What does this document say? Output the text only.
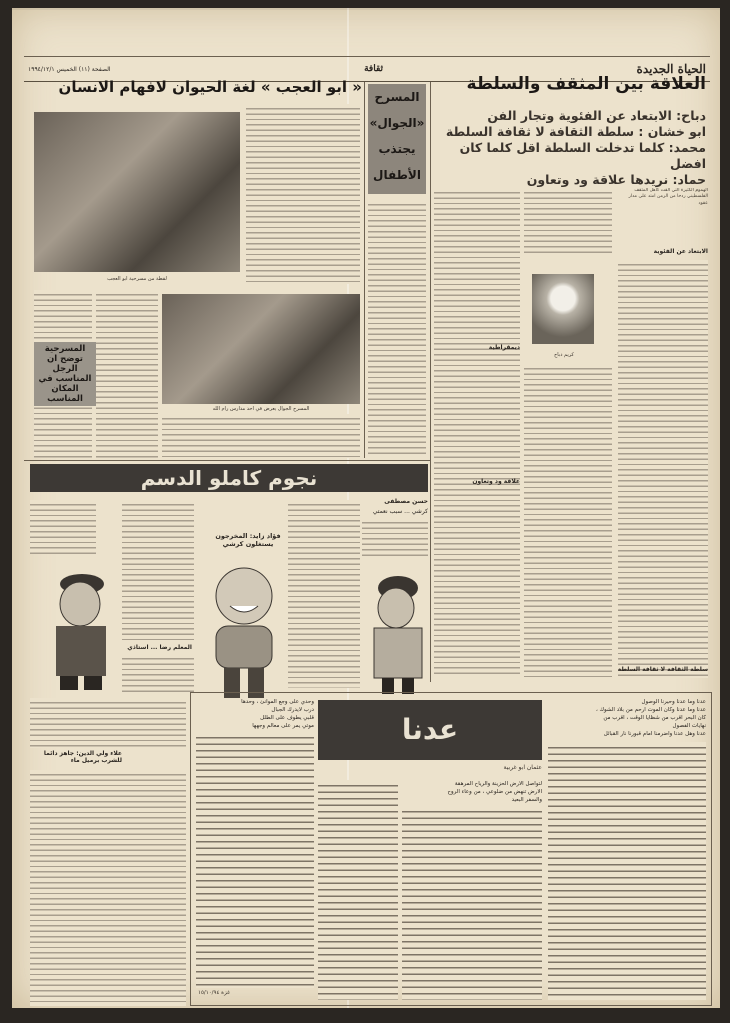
الحياة الجديدة
ثقافة
الصفحة (١١) الخميس ١٩٩٤/١٢/١
العلاقة بين المثقف والسلطة
دباح: الابتعاد عن الفئوية وتجار الفن
ابو خشان : سلطة الثقافة لا ثقافة السلطة
محمد: كلما تدخلت السلطة اقل كلما كان افضل
حماد: نريدها علاقة ود وتعاون
الهموم الكثيرة التي القت كاهل المثقف الفلسطيني ردحا من الزمن امتد على مدار عقود
كريم دباح
الابتعاد عن الفئوية
سلطة الثقافة لا ثقافة السلطة
ديمقراطية
علاقة ود وتعاون
المسرح
«الجوال»
يجتذب
الأطفال
« ابو العجب » لغة الحيوان لافهام الانسان
لقطة من مسرحية ابو العجب
المسرح الجوال يعرض في احد مدارس رام الله
المسرحية توضح ان الرجل المناسب في المكان المناسب
نجوم كاملو الدسم
حسن مصطفى
كرشي ... سبب نعمتي
فؤاد زايد: المخرجون يستغلون كرشي
المعلم رضا ... استاذي
علاء ولي الدين: جاهز دائما للشرب برميل ماء
عدنا
عثمان ابو غربية
عدنا وما عدنا وحيرنا الوصول
عدنا وما عدنا وكان الموت ارحم من بلاد الشوك ،
كان البحر اقرب من شظايا الوقت ، اقرب من
نهايات الفصول
عدنا وهل عدنا واضرمنا امام قبورنا نار القبائل
لتواصل الارض الحزينة والرياح المرهقة
الارض تنهض من ضلوعي ، من وعاء الروح
والسفر البعيد
وحدي على وجع الموانئ ، وحدها
درب لايدرك الجبال
قلبي يطوف على الطلل
موتي يمر على معالم وجهها
غزة ١٥/١٠/٩٤
